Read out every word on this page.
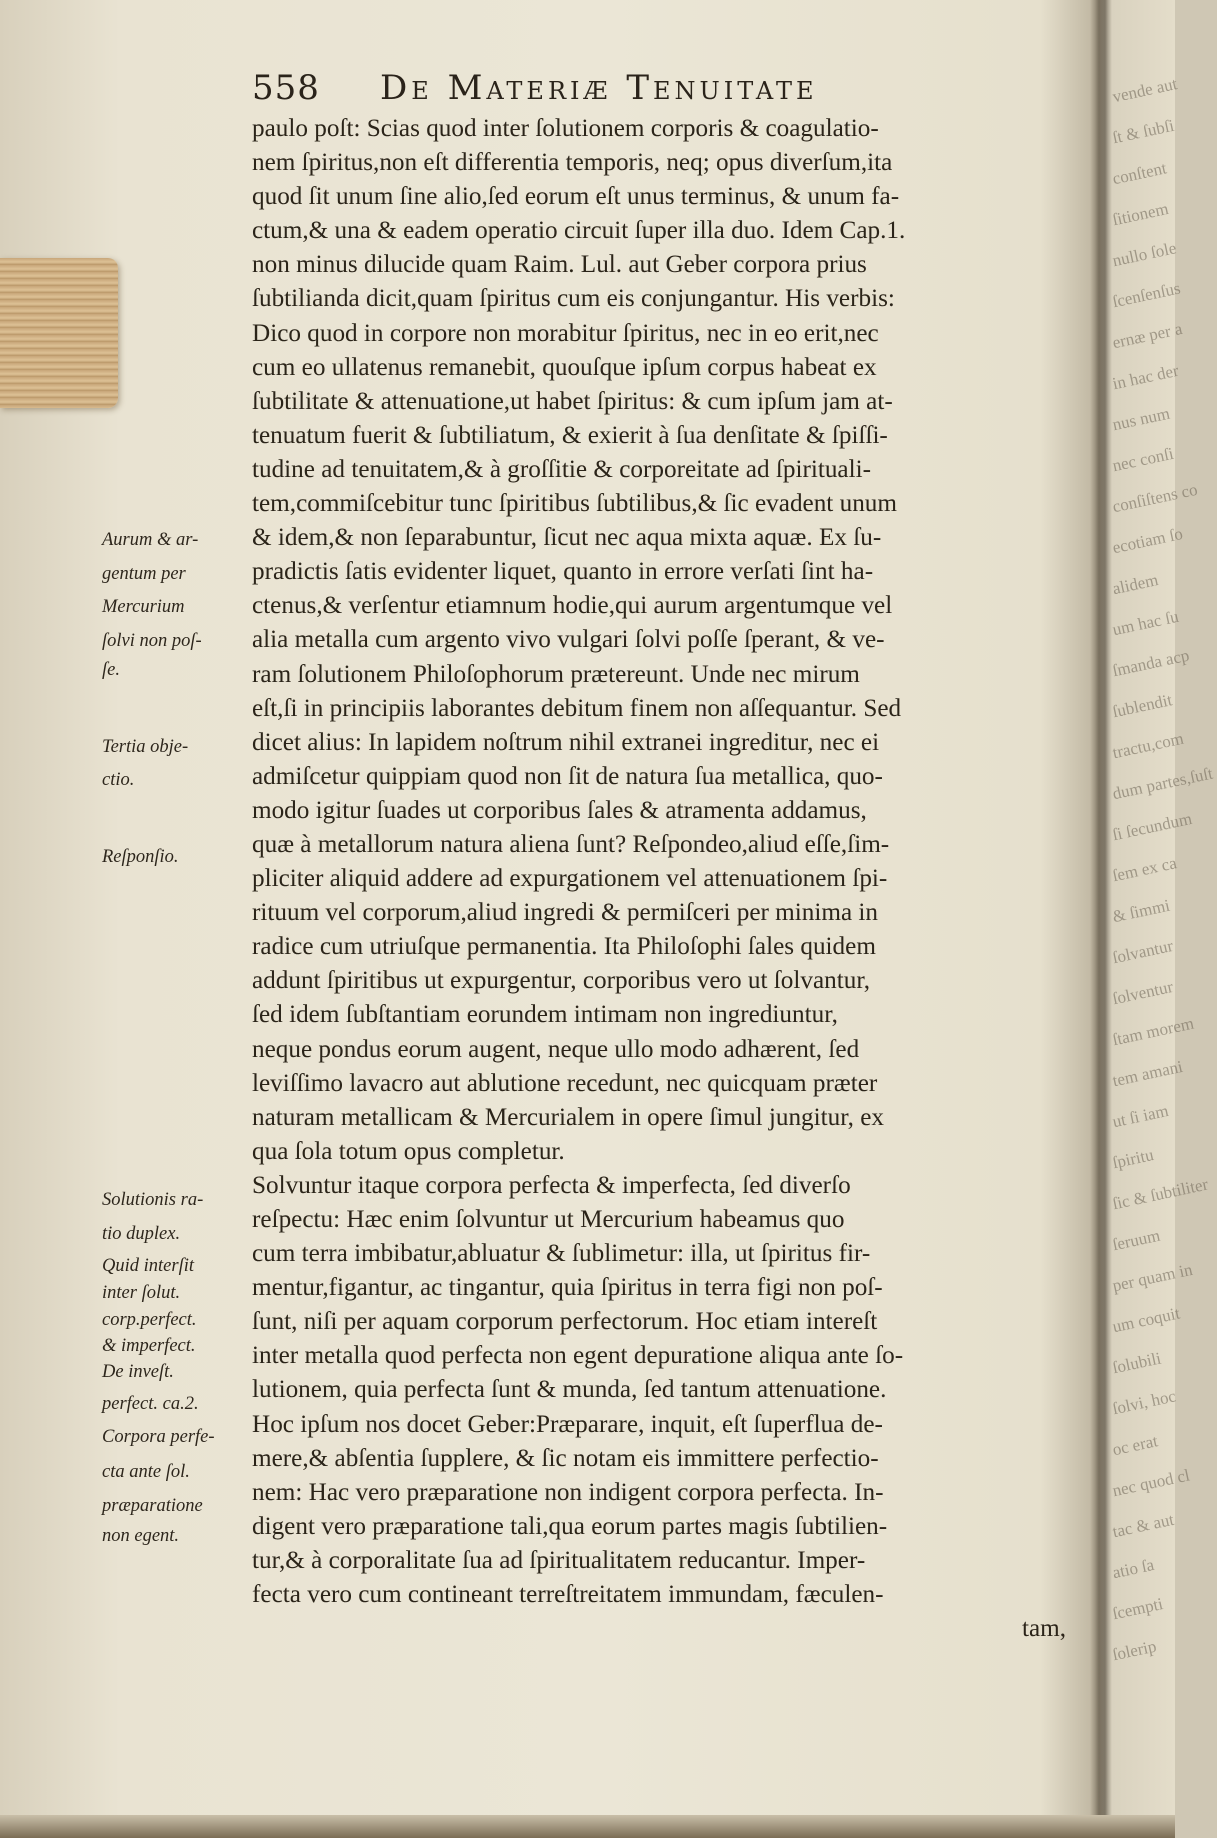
558 De Materiæ Tenuitate
Aurum & ar-
gentum per
Mercurium
ſolvi non poſ-
ſe.
Tertia obje-
ctio.
Reſponſio.
Solutionis ra-
tio duplex.
Quid interſit
inter ſolut.
corp.perfect.
& imperfect.
De inveſt.
perfect. ca.2.
Corpora perfe-
cta ante ſol.
præparatione
non egent.
paulo poſt: Scias quod inter ſolutionem corporis & coagulatio-
nem ſpiritus,non eſt differentia temporis, neq; opus diverſum,ita
quod ſit unum ſine alio,ſed eorum eſt unus terminus, & unum fa-
ctum,& una & eadem operatio circuit ſuper illa duo. Idem Cap.1.
non minus dilucide quam Raim. Lul. aut Geber corpora prius
ſubtilianda dicit,quam ſpiritus cum eis conjungantur. His verbis:
Dico quod in corpore non morabitur ſpiritus, nec in eo erit,nec
cum eo ullatenus remanebit, quouſque ipſum corpus habeat ex
ſubtilitate & attenuatione,ut habet ſpiritus: & cum ipſum jam at-
tenuatum fuerit & ſubtiliatum, & exierit à ſua denſitate & ſpiſſi-
tudine ad tenuitatem,& à groſſitie & corporeitate ad ſpirituali-
tem,commiſcebitur tunc ſpiritibus ſubtilibus,& ſic evadent unum
& idem,& non ſeparabuntur, ſicut nec aqua mixta aquæ. Ex ſu-
pradictis ſatis evidenter liquet, quanto in errore verſati ſint ha-
ctenus,& verſentur etiamnum hodie,qui aurum argentumque vel
alia metalla cum argento vivo vulgari ſolvi poſſe ſperant, & ve-
ram ſolutionem Philoſophorum prætereunt. Unde nec mirum
eſt,ſi in principiis laborantes debitum finem non aſſequantur. Sed
dicet alius: In lapidem noſtrum nihil extranei ingreditur, nec ei
admiſcetur quippiam quod non ſit de natura ſua metallica, quo-
modo igitur ſuades ut corporibus ſales & atramenta addamus,
quæ à metallorum natura aliena ſunt? Reſpondeo,aliud eſſe,ſim-
pliciter aliquid addere ad expurgationem vel attenuationem ſpi-
rituum vel corporum,aliud ingredi & permiſceri per minima in
radice cum utriuſque permanentia. Ita Philoſophi ſales quidem
addunt ſpiritibus ut expurgentur, corporibus vero ut ſolvantur,
ſed idem ſubſtantiam eorundem intimam non ingrediuntur,
neque pondus eorum augent, neque ullo modo adhærent, ſed
leviſſimo lavacro aut ablutione recedunt, nec quicquam præter
naturam metallicam & Mercurialem in opere ſimul jungitur, ex
qua ſola totum opus completur.
Solvuntur itaque corpora perfecta & imperfecta, ſed diverſo
reſpectu: Hæc enim ſolvuntur ut Mercurium habeamus quo
cum terra imbibatur,abluatur & ſublimetur: illa, ut ſpiritus fir-
mentur,figantur, ac tingantur, quia ſpiritus in terra figi non poſ-
ſunt, niſi per aquam corporum perfectorum. Hoc etiam intereſt
inter metalla quod perfecta non egent depuratione aliqua ante ſo-
lutionem, quia perfecta ſunt & munda, ſed tantum attenuatione.
Hoc ipſum nos docet Geber:Præparare, inquit, eſt ſuperflua de-
mere,& abſentia ſupplere, & ſic notam eis immittere perfectio-
nem: Hac vero præparatione non indigent corpora perfecta. In-
digent vero præparatione tali,qua eorum partes magis ſubtilien-
tur,& à corporalitate ſua ad ſpiritualitatem reducantur. Imper-
fecta vero cum contineant terreſtreitatem immundam, fæculen-
tam,
vende aut
ſt & ſubſi
conſtent
ſitionem
nullo ſole
ſcenſenſus
ernæ per a
in hac der
nus num
nec conſi
conſiſtens co
ecotiam ſo
alidem
um hac ſu
ſmanda acp
ſublendit
tractu,com
dum partes,ſuſt
ſi ſecundum
ſem ex ca
& ſimmi
ſolvantur
ſolventur
ſtam morem
tem amani
ut ſi iam
ſpiritu
ſic & ſubtiliter
ſeruum
per quam in
um coquit
ſolubili
ſolvi, hoc
oc erat
nec quod cl
tac & aut
atio ſa
ſcempti
ſolerip
